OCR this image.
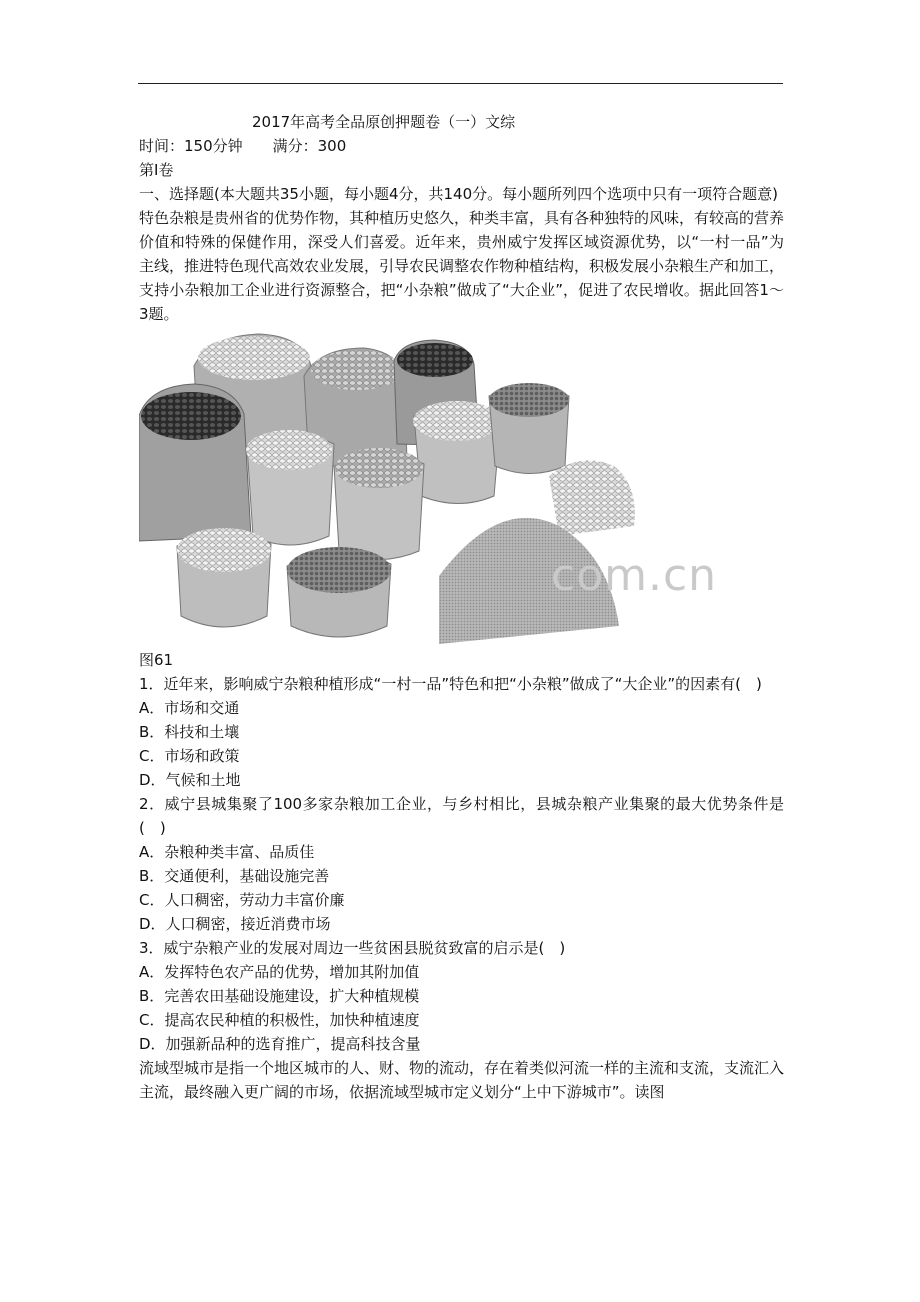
2017年高考全品原创押题卷（一）文综

时间：150分钟　　满分：300

第Ⅰ卷

一、选择题(本大题共35小题，每小题4分，共140分。每小题所列四个选项中只有一项符合题意)

特色杂粮是贵州省的优势作物，其种植历史悠久，种类丰富，具有各种独特的风味，有较高的营养价值和特殊的保健作用，深受人们喜爱。近年来，贵州威宁发挥区域资源优势，以“一村一品”为主线，推进特色现代高效农业发展，引导农民调整农作物种植结构，积极发展小杂粮生产和加工，支持小杂粮加工企业进行资源整合，把“小杂粮”做成了“大企业”，促进了农民增收。据此回答1～3题。

com.cn

图61

1．近年来，影响威宁杂粮种植形成“一村一品”特色和把“小杂粮”做成了“大企业”的因素有(　)

A．市场和交通

B．科技和土壤

C．市场和政策

D．气候和土地

2．威宁县城集聚了100多家杂粮加工企业，与乡村相比，县城杂粮产业集聚的最大优势条件是(　)

A．杂粮种类丰富、品质佳

B．交通便利，基础设施完善

C．人口稠密，劳动力丰富价廉

D．人口稠密，接近消费市场

3．威宁杂粮产业的发展对周边一些贫困县脱贫致富的启示是(　)

A．发挥特色农产品的优势，增加其附加值

B．完善农田基础设施建设，扩大种植规模

C．提高农民种植的积极性，加快种植速度

D．加强新品种的选育推广，提高科技含量

流域型城市是指一个地区城市的人、财、物的流动，存在着类似河流一样的主流和支流，支流汇入主流，最终融入更广阔的市场，依据流域型城市定义划分“上中下游城市”。读图
